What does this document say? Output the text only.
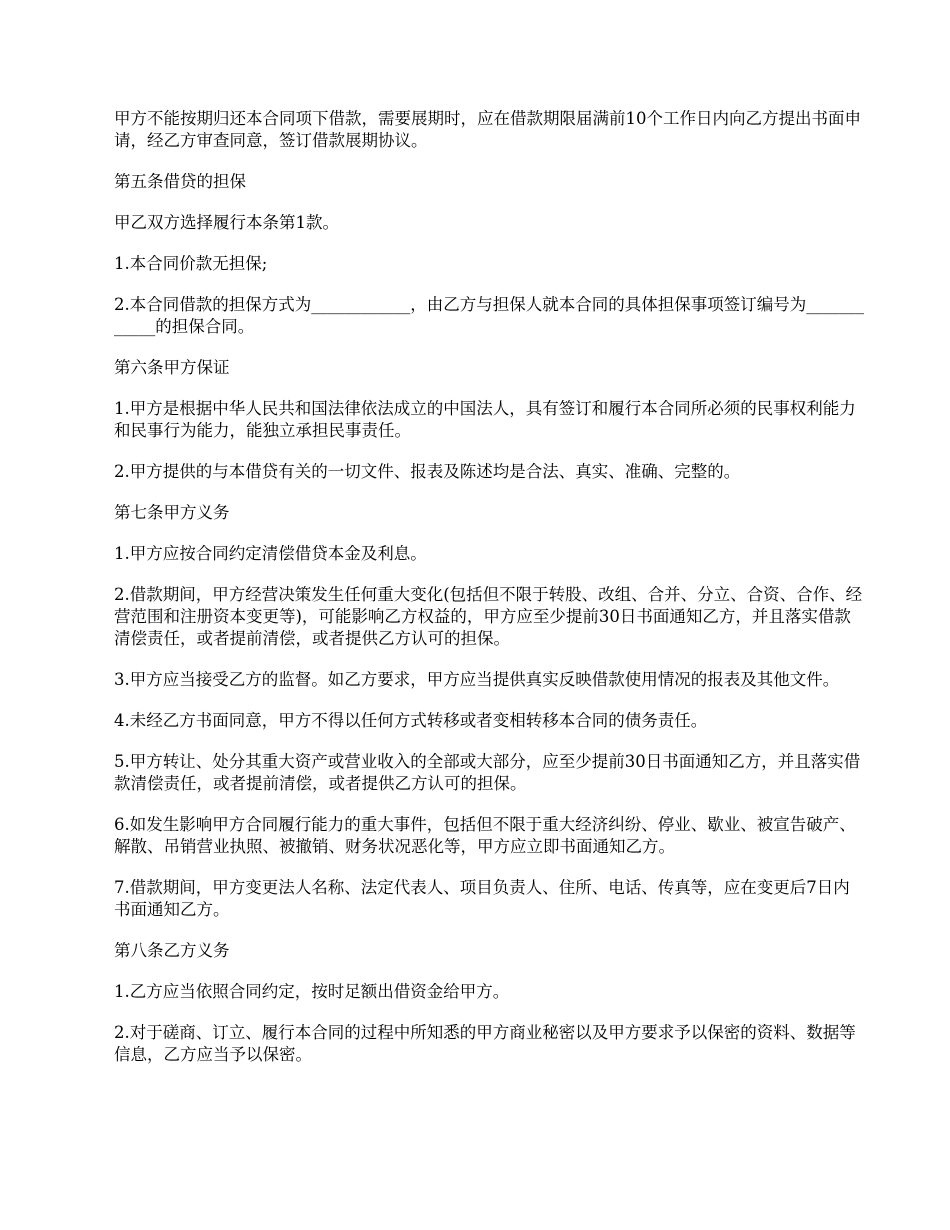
甲方不能按期归还本合同项下借款，需要展期时，应在借款期限届满前10个工作日内向乙方提出书面申请，经乙方审查同意，签订借款展期协议。

第五条借贷的担保

甲乙双方选择履行本条第1款。

1.本合同价款无担保;

2.本合同借款的担保方式为____________，由乙方与担保人就本合同的具体担保事项签订编号为____________的担保合同。

第六条甲方保证

1.甲方是根据中华人民共和国法律依法成立的中国法人，具有签订和履行本合同所必须的民事权利能力和民事行为能力，能独立承担民事责任。

2.甲方提供的与本借贷有关的一切文件、报表及陈述均是合法、真实、准确、完整的。

第七条甲方义务

1.甲方应按合同约定清偿借贷本金及利息。

2.借款期间，甲方经营决策发生任何重大变化(包括但不限于转股、改组、合并、分立、合资、合作、经营范围和注册资本变更等)，可能影响乙方权益的，甲方应至少提前30日书面通知乙方，并且落实借款清偿责任，或者提前清偿，或者提供乙方认可的担保。

3.甲方应当接受乙方的监督。如乙方要求，甲方应当提供真实反映借款使用情况的报表及其他文件。

4.未经乙方书面同意，甲方不得以任何方式转移或者变相转移本合同的债务责任。

5.甲方转让、处分其重大资产或营业收入的全部或大部分，应至少提前30日书面通知乙方，并且落实借款清偿责任，或者提前清偿，或者提供乙方认可的担保。

6.如发生影响甲方合同履行能力的重大事件，包括但不限于重大经济纠纷、停业、歇业、被宣告破产、解散、吊销营业执照、被撤销、财务状况恶化等，甲方应立即书面通知乙方。

7.借款期间，甲方变更法人名称、法定代表人、项目负责人、住所、电话、传真等，应在变更后7日内书面通知乙方。

第八条乙方义务

1.乙方应当依照合同约定，按时足额出借资金给甲方。

2.对于磋商、订立、履行本合同的过程中所知悉的甲方商业秘密以及甲方要求予以保密的资料、数据等信息，乙方应当予以保密。
